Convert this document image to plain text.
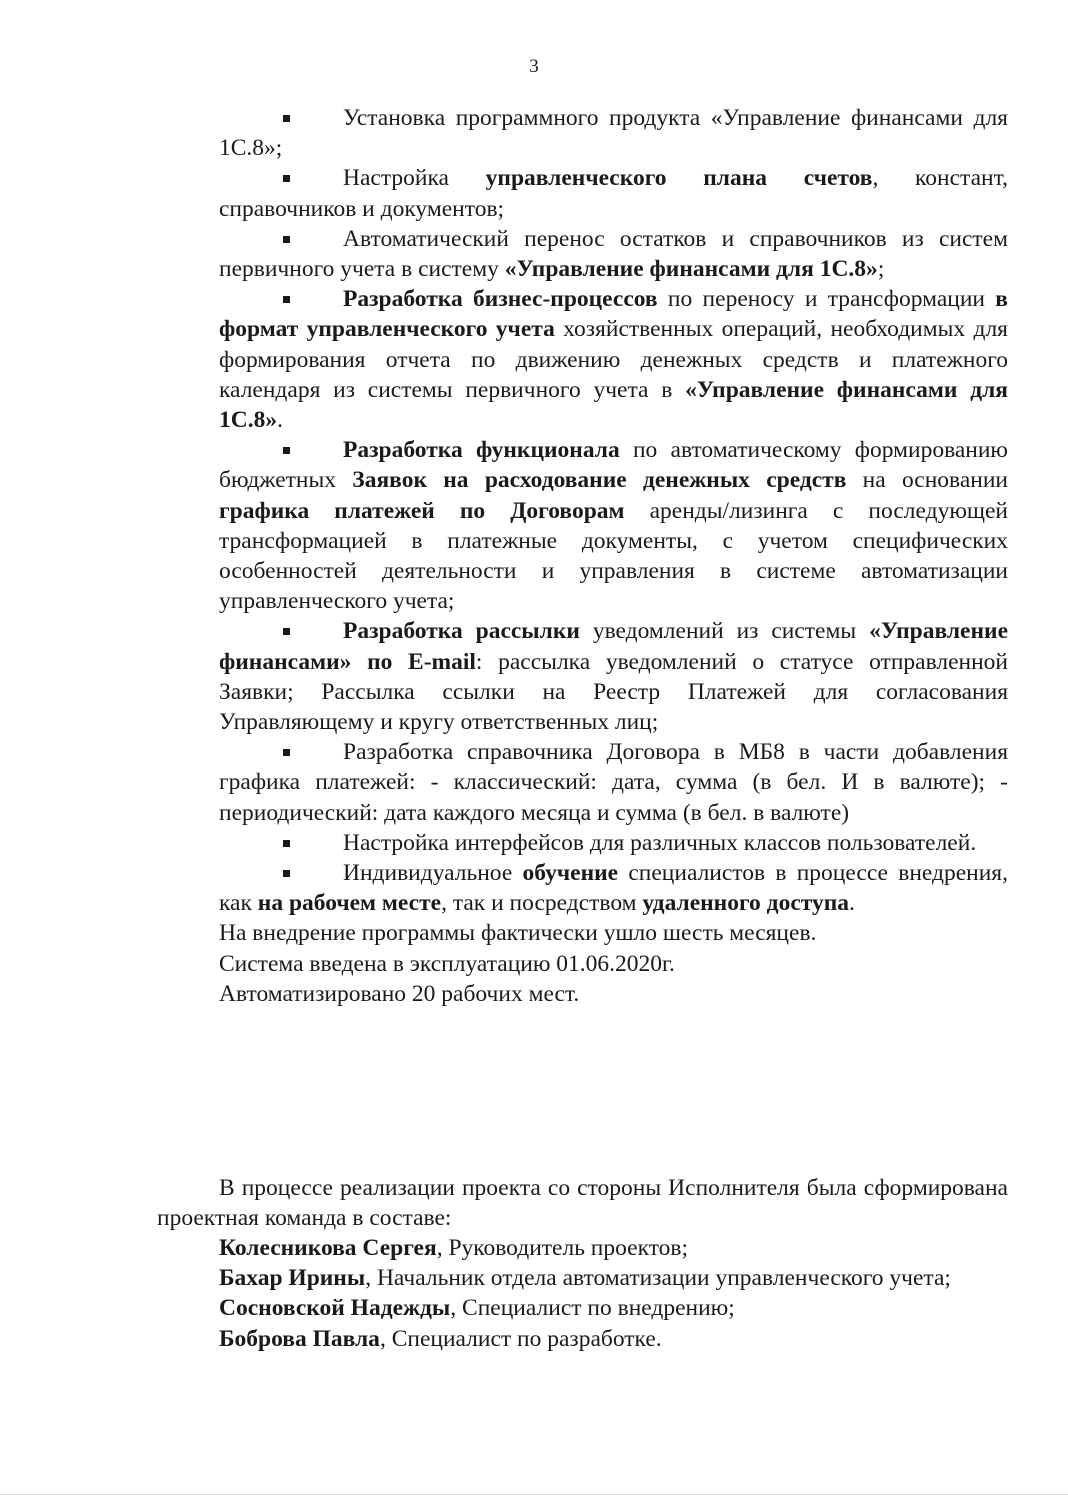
3

Установка программного продукта «Управление финансами для 1С.8»;

Настройка управленческого плана счетов, констант, справочников и документов;

Автоматический перенос остатков и справочников из систем первичного учета в систему «Управление финансами для 1С.8»;

Разработка бизнес-процессов по переносу и трансформации в формат управленческого учета хозяйственных операций, необходимых для формирования отчета по движению денежных средств и платежного календаря из системы первичного учета в «Управление финансами для 1С.8».

Разработка функционала по автоматическому формированию бюджетных Заявок на расходование денежных средств на основании графика платежей по Договорам аренды/лизинга с последующей трансформацией в платежные документы, с учетом специфических особенностей деятельности и управления в системе автоматизации управленческого учета;

Разработка рассылки уведомлений из системы «Управление финансами» по E-mail: рассылка уведомлений о статусе отправленной Заявки; Рассылка ссылки на Реестр Платежей для согласования Управляющему и кругу ответственных лиц;

Разработка справочника Договора в МБ8 в части добавления графика платежей: - классический: дата, сумма (в бел. И в валюте); - периодический: дата каждого месяца и сумма (в бел. в валюте)

Настройка интерфейсов для различных классов пользователей.

Индивидуальное обучение специалистов в процессе внедрения, как на рабочем месте, так и посредством удаленного доступа.

На внедрение программы фактически ушло шесть месяцев.

Система введена в эксплуатацию 01.06.2020г.

Автоматизировано 20 рабочих мест.

В процессе реализации проекта со стороны Исполнителя была сформирована проектная команда в составе:

Колесниковa Сергея, Руководитель проектов;

Бахар Ирины, Начальник отдела автоматизации управленческого учета;

Сосновской Надежды, Специалист по внедрению;

Боброва Павла, Специалист по разработке.
